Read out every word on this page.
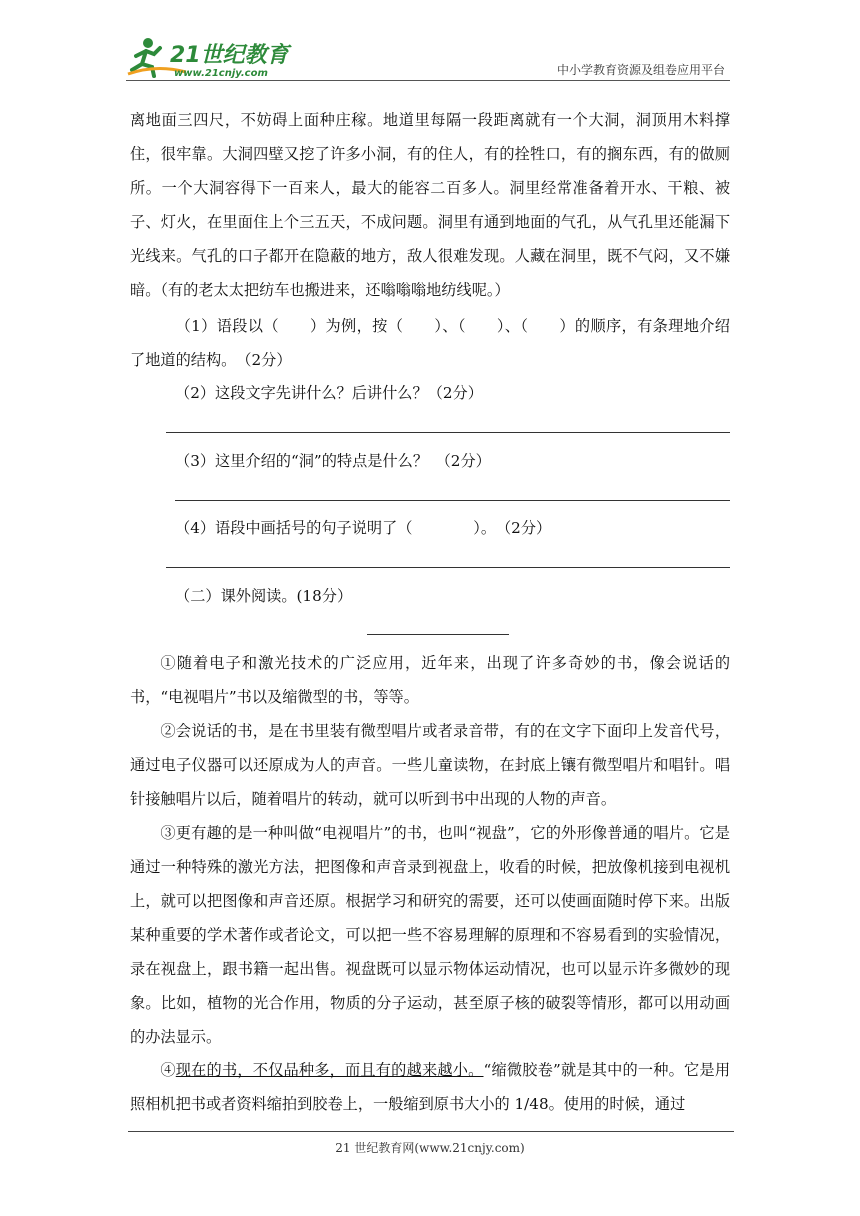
21世纪教育
www.21cnjy.com	中小学教育资源及组卷应用平台

离地面三四尺，不妨碍上面种庄稼。地道里每隔一段距离就有一个大洞，洞顶用木料撑住，很牢靠。大洞四壁又挖了许多小洞，有的住人，有的拴牲口，有的搁东西，有的做厕所。一个大洞容得下一百来人，最大的能容二百多人。洞里经常准备着开水、干粮、被子、灯火，在里面住上个三五天，不成问题。洞里有通到地面的气孔，从气孔里还能漏下光线来。气孔的口子都开在隐蔽的地方，敌人很难发现。人藏在洞里，既不气闷，又不嫌暗。（有的老太太把纺车也搬进来，还嗡嗡嗡地纺线呢。）

（1）语段以（　　）为例，按（　　）、（　　）、（　　）的顺序，有条理地介绍了地道的结构。　（2分）

（2）这段文字先讲什么？后讲什么？（2分）

（3）这里介绍的“洞”的特点是什么？　（2分）

（4）语段中画括号的句子说明了（　　　　）。　（2分）

（二）课外阅读。(18分）

①随着电子和激光技术的广泛应用，近年来，出现了许多奇妙的书，像会说话的书，“电视唱片”书以及缩微型的书，等等。

②会说话的书，是在书里装有微型唱片或者录音带，有的在文字下面印上发音代号，通过电子仪器可以还原成为人的声音。一些儿童读物，在封底上镶有微型唱片和唱针。唱针接触唱片以后，随着唱片的转动，就可以听到书中出现的人物的声音。

③更有趣的是一种叫做“电视唱片”的书，也叫“视盘”，它的外形像普通的唱片。它是通过一种特殊的激光方法，把图像和声音录到视盘上，收看的时候，把放像机接到电视机上，就可以把图像和声音还原。根据学习和研究的需要，还可以使画面随时停下来。出版某种重要的学术著作或者论文，可以把一些不容易理解的原理和不容易看到的实验情况，录在视盘上，跟书籍一起出售。视盘既可以显示物体运动情况，也可以显示许多微妙的现象。比如，植物的光合作用，物质的分子运动，甚至原子核的破裂等情形，都可以用动画的办法显示。

④现在的书，不仅品种多，而且有的越来越小。“缩微胶卷”就是其中的一种。它是用照相机把书或者资料缩拍到胶卷上，一般缩到原书大小的 1/48。使用的时候，通过

21 世纪教育网(www.21cnjy.com)
